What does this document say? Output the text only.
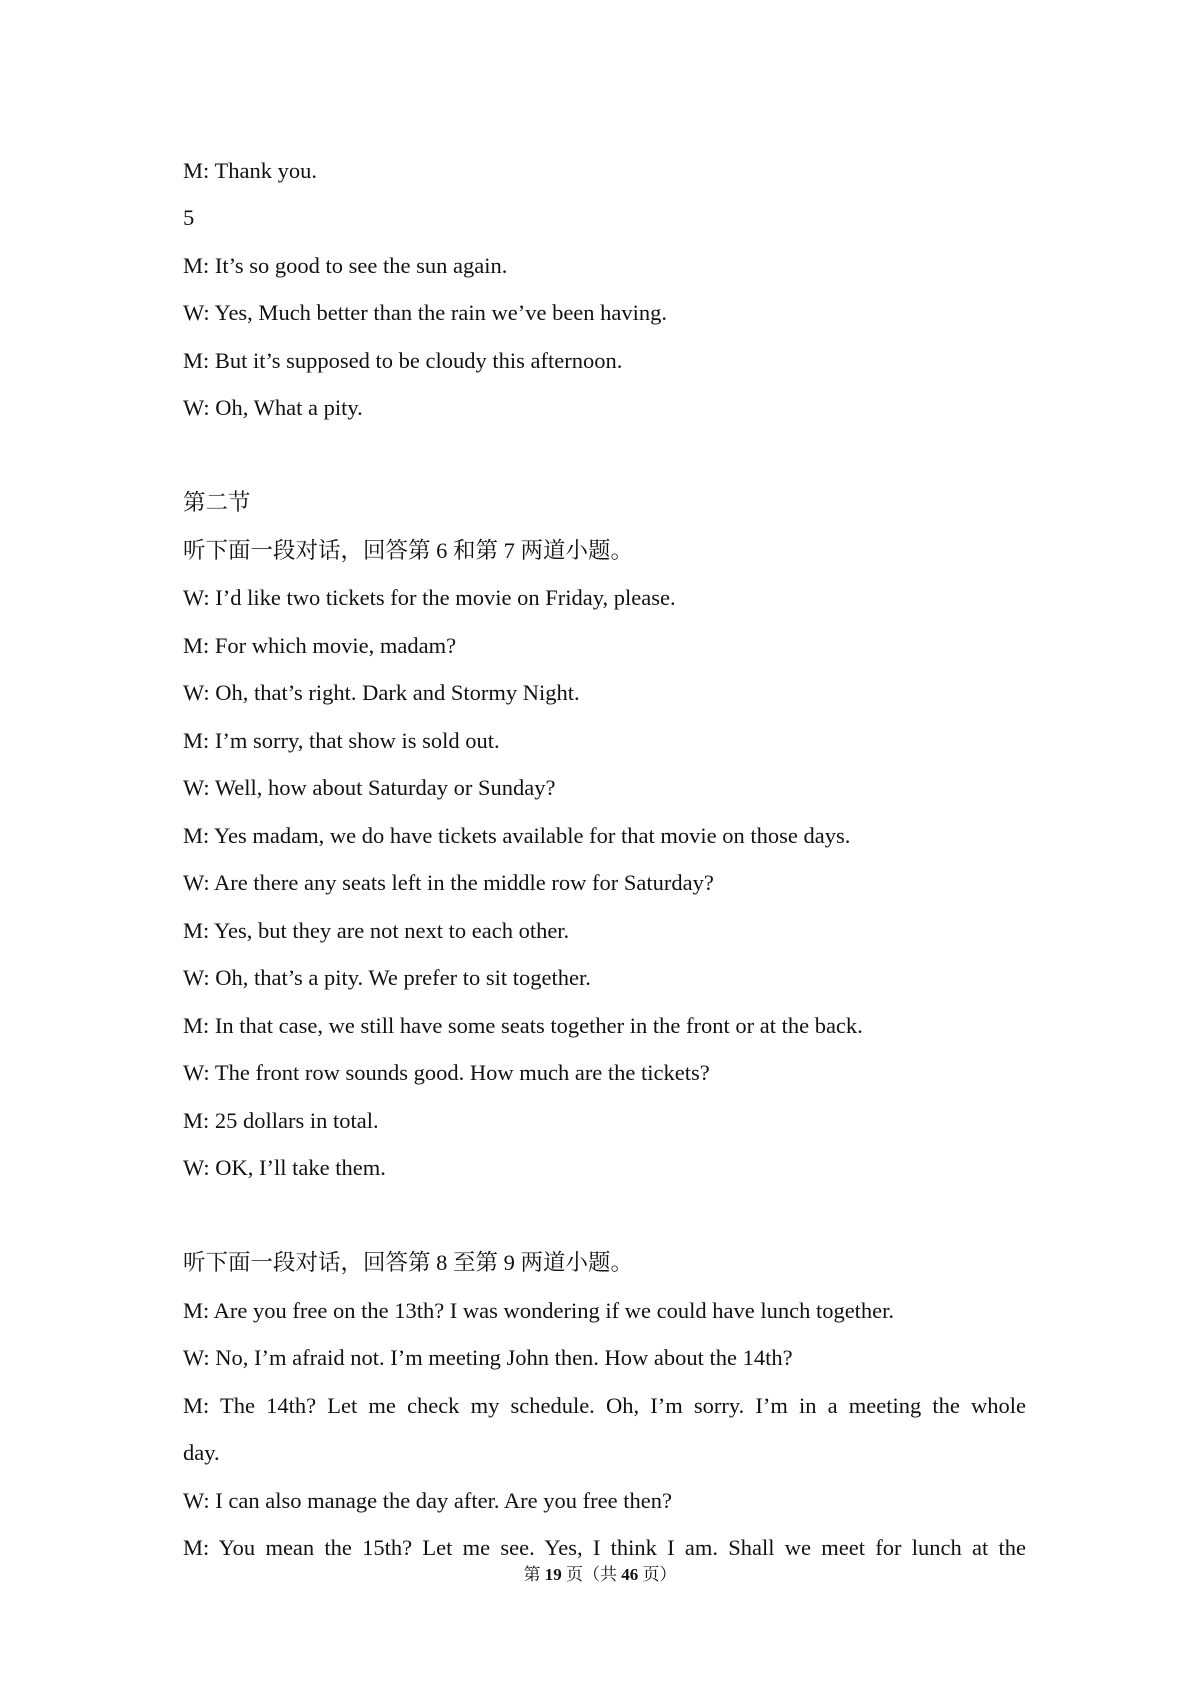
M: Thank you.
5
M: It’s so good to see the sun again.
W: Yes, Much better than the rain we’ve been having.
M: But it’s supposed to be cloudy this afternoon.
W: Oh, What a pity.
第二节
听下面一段对话，回答第 6 和第 7 两道小题。
W: I’d like two tickets for the movie on Friday, please.
M: For which movie, madam?
W: Oh, that’s right. Dark and Stormy Night.
M: I’m sorry, that show is sold out.
W: Well, how about Saturday or Sunday?
M: Yes madam, we do have tickets available for that movie on those days.
W: Are there any seats left in the middle row for Saturday?
M: Yes, but they are not next to each other.
W: Oh, that’s a pity. We prefer to sit together.
M: In that case, we still have some seats together in the front or at the back.
W: The front row sounds good. How much are the tickets?
M: 25 dollars in total.
W: OK, I’ll take them.
听下面一段对话，回答第 8 至第 9 两道小题。
M: Are you free on the 13th? I was wondering if we could have lunch together.
W: No, I’m afraid not. I’m meeting John then. How about the 14th?
M: The 14th? Let me check my schedule. Oh, I’m sorry. I’m in a meeting the whole
day.
W: I can also manage the day after. Are you free then?
M: You mean the 15th? Let me see. Yes, I think I am. Shall we meet for lunch at the
第 19 页（共 46 页）
